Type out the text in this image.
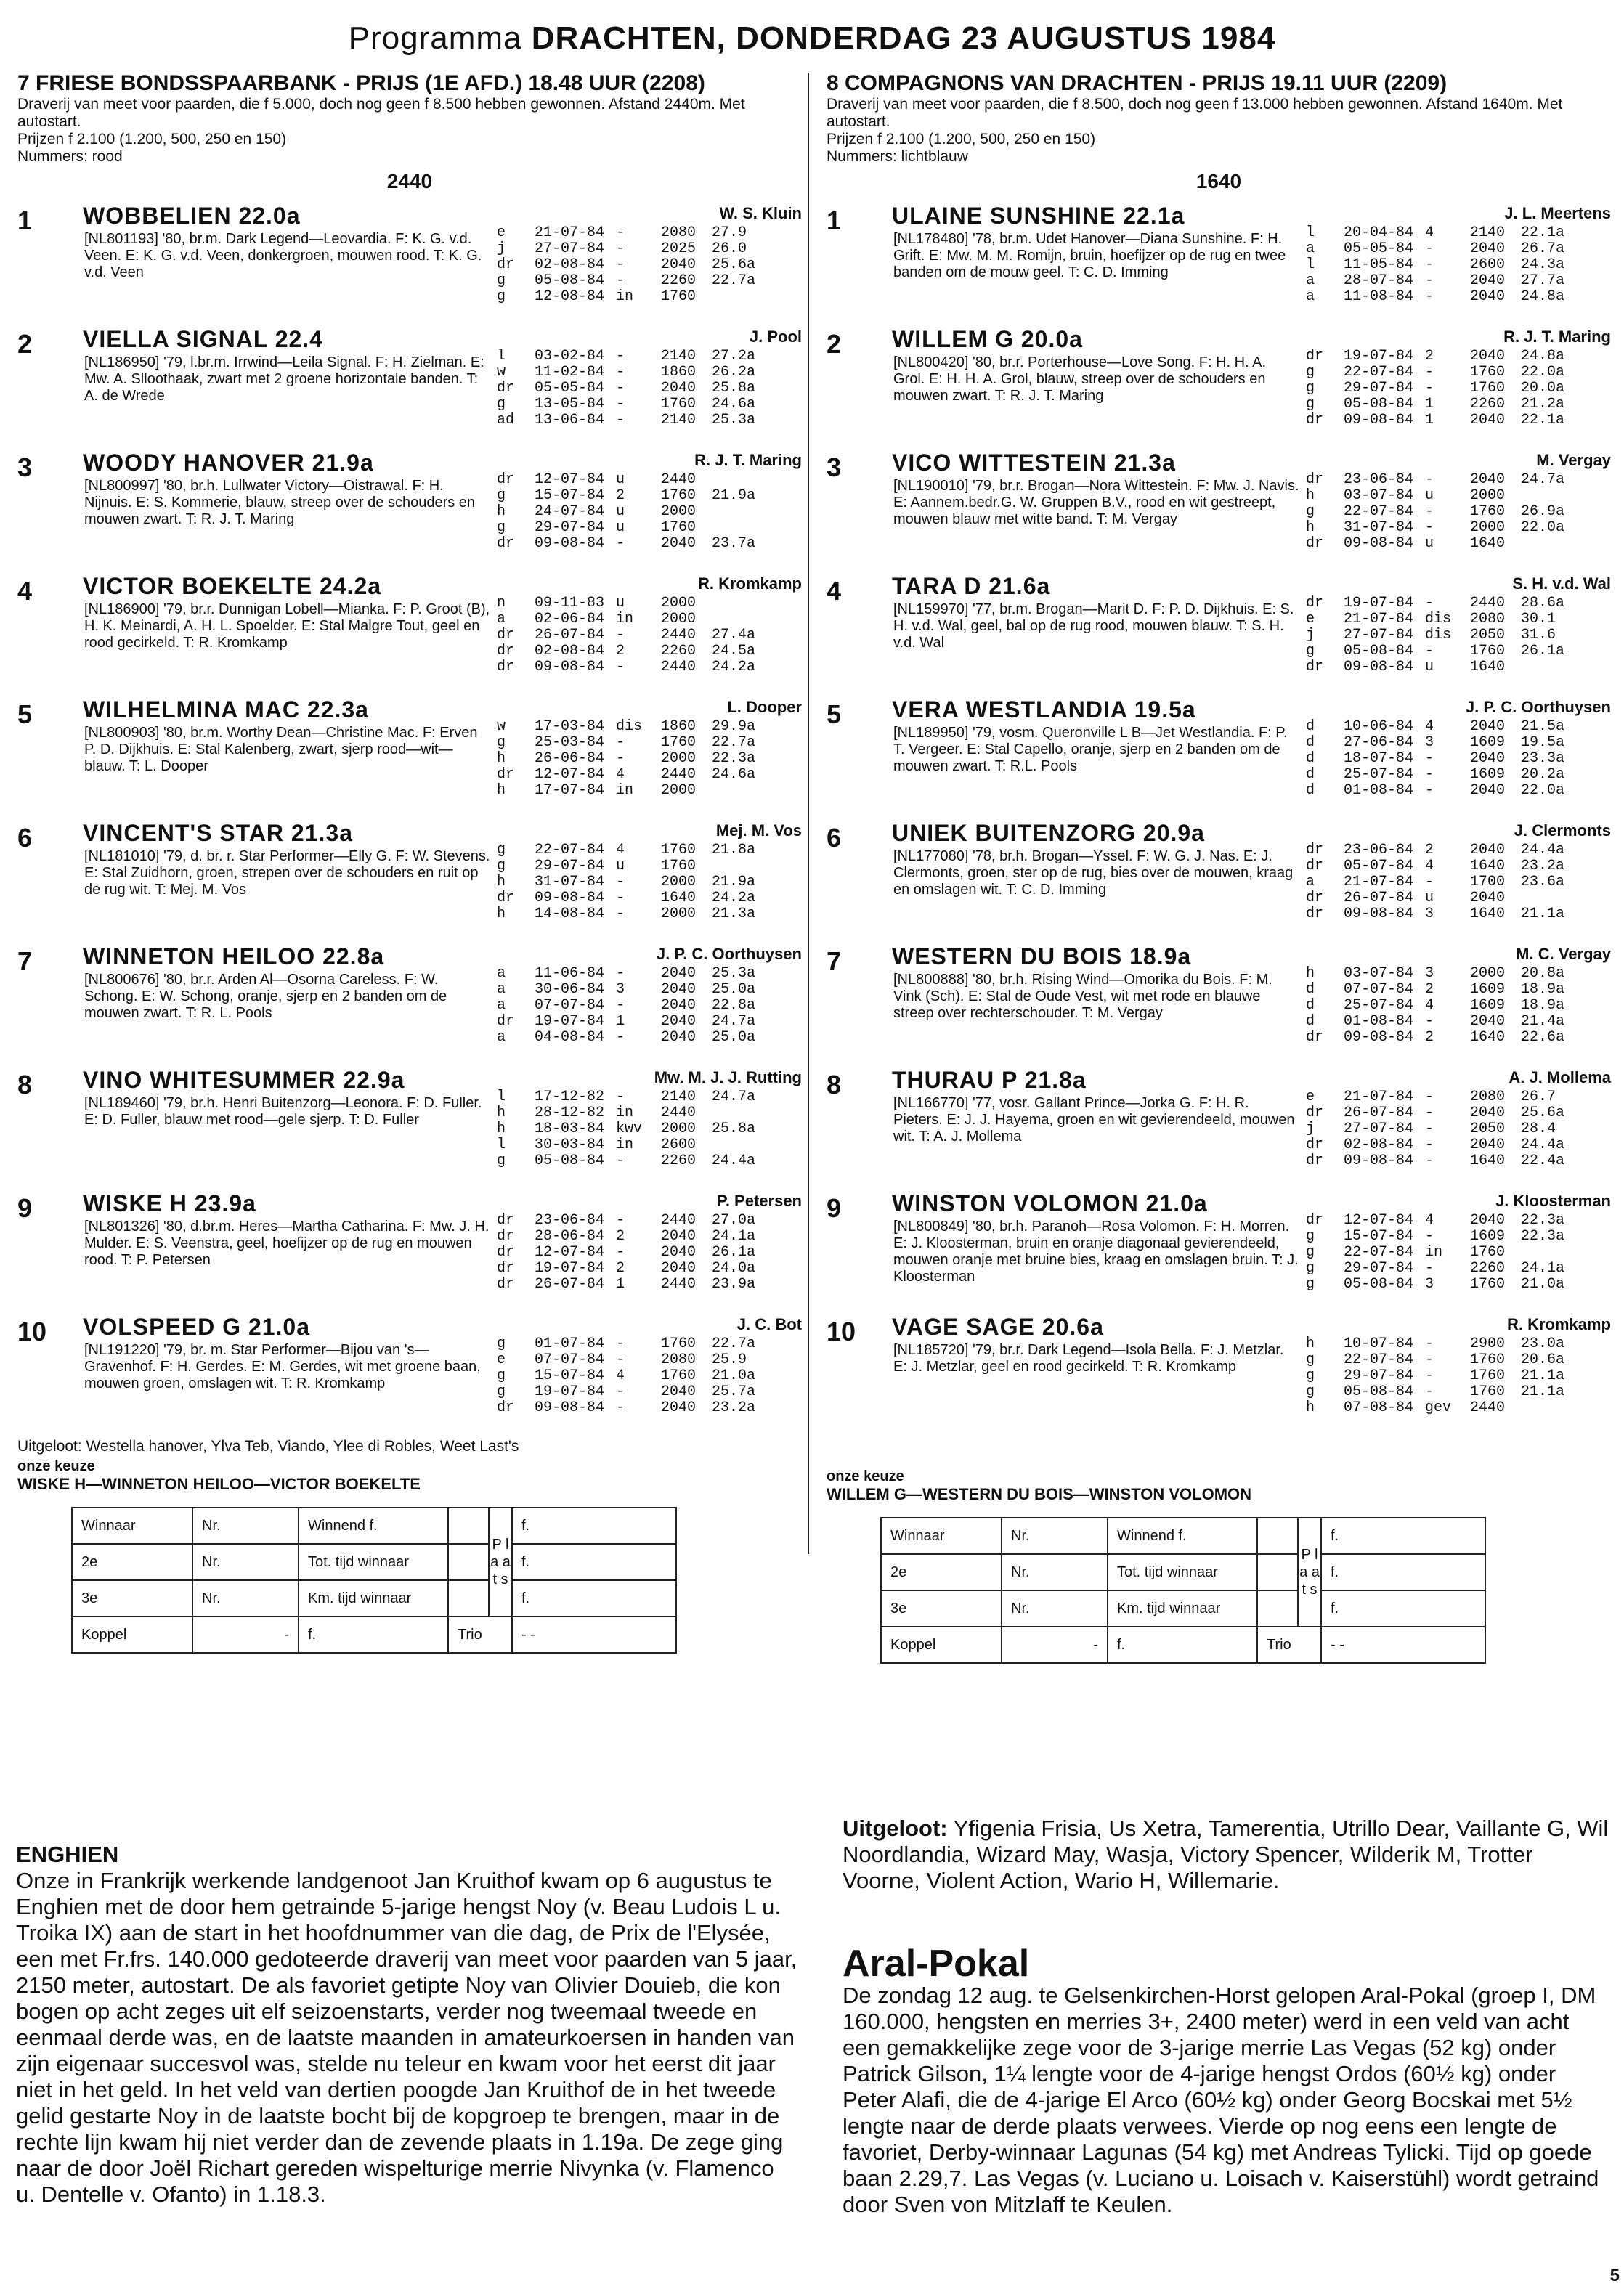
Programma DRACHTEN, DONDERDAG 23 AUGUSTUS 1984

7 FRIESE BONDSSPAARBANK - PRIJS (1E AFD.) 18.48 UUR (2208)

Draverij van meet voor paarden, die f 5.000, doch nog geen f 8.500 hebben gewonnen. Afstand 2440m. Met autostart.

Prijzen f 2.100 (1.200, 500, 250 en 150)

Nummers: rood

2440
1 WOBBELIEN 22.0a	W. S. Kluin
[NL801193] '80, br.m. Dark Legend—Leovardia. F: K. G. v.d. Veen. E: K. G. v.d. Veen, donkergroen, mouwen rood. T: K. G. v.d. Veen
e	21-07-84 -	2080	27.9
j	27-07-84 -	2025	26.0
dr	02-08-84 -	2040	25.6a
g	05-08-84 -	2260	22.7a
g	12-08-84 in	1760
2 VIELLA SIGNAL 22.4	J. Pool
[NL186950] '79, l.br.m. Irrwind—Leila Signal. F: H. Zielman. E: Mw. A. Slloothaak, zwart met 2 groene horizontale banden. T: A. de Wrede
l	03-02-84 -	2140	27.2a
w	11-02-84 -	1860	26.2a
dr	05-05-84 -	2040	25.8a
g	13-05-84 -	1760	24.6a
ad	13-06-84 -	2140	25.3a
3 WOODY HANOVER 21.9a	R. J. T. Maring
[NL800997] '80, br.h. Lullwater Victory—Oistrawal. F: H. Nijnuis. E: S. Kommerie, blauw, streep over de schouders en mouwen zwart. T: R. J. T. Maring
dr	12-07-84 u	2440
g	15-07-84 2	1760	21.9a
h	24-07-84 u	2000
g	29-07-84 u	1760
dr	09-08-84 -	2040	23.7a
4 VICTOR BOEKELTE 24.2a	R. Kromkamp
[NL186900] '79, br.r. Dunnigan Lobell—Mianka. F: P. Groot (B), H. K. Meinardi, A. H. L. Spoelder. E: Stal Malgre Tout, geel en rood gecirkeld. T: R. Kromkamp
n	09-11-83 u	2000
a	02-06-84 in	2000
dr	26-07-84 -	2440	27.4a
dr	02-08-84 2	2260	24.5a
dr	09-08-84 -	2440	24.2a
5 WILHELMINA MAC 22.3a	L. Dooper
[NL800903] '80, br.m. Worthy Dean—Christine Mac. F: Erven P. D. Dijkhuis. E: Stal Kalenberg, zwart, sjerp rood—wit—blauw. T: L. Dooper
w	17-03-84 dis	1860	29.9a
g	25-03-84 -	1760	22.7a
h	26-06-84 -	2000	22.3a
dr	12-07-84 4	2440	24.6a
h	17-07-84 in	2000
6 VINCENT'S STAR 21.3a	Mej. M. Vos
[NL181010] '79, d. br. r. Star Performer—Elly G. F: W. Stevens. E: Stal Zuidhorn, groen, strepen over de schouders en ruit op de rug wit. T: Mej. M. Vos
g	22-07-84 4	1760	21.8a
g	29-07-84 u	1760
h	31-07-84 -	2000	21.9a
dr	09-08-84 -	1640	24.2a
h	14-08-84 -	2000	21.3a
7 WINNETON HEILOO 22.8a	J. P. C. Oorthuysen
[NL800676] '80, br.r. Arden Al—Osorna Careless. F: W. Schong. E: W. Schong, oranje, sjerp en 2 banden om de mouwen zwart. T: R. L. Pools
a	11-06-84 -	2040	25.3a
a	30-06-84 3	2040	25.0a
a	07-07-84 -	2040	22.8a
dr	19-07-84 1	2040	24.7a
a	04-08-84 -	2040	25.0a
8 VINO WHITESUMMER 22.9a	Mw. M. J. J. Rutting
[NL189460] '79, br.h. Henri Buitenzorg—Leonora. F: D. Fuller. E: D. Fuller, blauw met rood—gele sjerp. T: D. Fuller
l	17-12-82 -	2140	24.7a
h	28-12-82 in	2440
h	18-03-84 kwv	2000	25.8a
l	30-03-84 in	2600
g	05-08-84 -	2260	24.4a
9 WISKE H 23.9a	P. Petersen
[NL801326] '80, d.br.m. Heres—Martha Catharina. F: Mw. J. H. Mulder. E: S. Veenstra, geel, hoefijzer op de rug en mouwen rood. T: P. Petersen
dr	23-06-84 -	2440	27.0a
dr	28-06-84 2	2040	24.1a
dr	12-07-84 -	2040	26.1a
dr	19-07-84 2	2040	24.0a
dr	26-07-84 1	2440	23.9a
10 VOLSPEED G 21.0a	J. C. Bot
[NL191220] '79, br. m. Star Performer—Bijou van 's—Gravenhof. F: H. Gerdes. E: M. Gerdes, wit met groene baan, mouwen groen, omslagen wit. T: R. Kromkamp
g	01-07-84 -	1760	22.7a
e	07-07-84 -	2080	25.9
g	15-07-84 4	1760	21.0a
g	19-07-84 -	2040	25.7a
dr	09-08-84 -	2040	23.2a
Uitgeloot: Westella hanover, Ylva Teb, Viando, Ylee di Robles, Weet Last's
onze keuze
WISKE H—WINNETON HEILOO—VICTOR BOEKELTE
Winnaar	Nr.	Winnend f.		P l a a t s	f.
2e	Nr.	Tot. tijd winnaar			f.
3e	Nr.	Km. tijd winnaar			f.
Koppel	-	f.	Trio		- -

8 COMPAGNONS VAN DRACHTEN - PRIJS 19.11 UUR (2209)

Draverij van meet voor paarden, die f 8.500, doch nog geen f 13.000 hebben gewonnen. Afstand 1640m. Met autostart.

Prijzen f 2.100 (1.200, 500, 250 en 150)

Nummers: lichtblauw

1640
1 ULAINE SUNSHINE 22.1a	J. L. Meertens
[NL178480] '78, br.m. Udet Hanover—Diana Sunshine. F: H. Grift. E: Mw. M. M. Romijn, bruin, hoefijzer op de rug en twee banden om de mouw geel. T: C. D. Imming
l	20-04-84 4	2140	22.1a
a	05-05-84 -	2040	26.7a
l	11-05-84 -	2600	24.3a
a	28-07-84 -	2040	27.7a
a	11-08-84 -	2040	24.8a
2 WILLEM G 20.0a	R. J. T. Maring
[NL800420] '80, br.r. Porterhouse—Love Song. F: H. H. A. Grol. E: H. H. A. Grol, blauw, streep over de schouders en mouwen zwart. T: R. J. T. Maring
dr	19-07-84 2	2040	24.8a
g	22-07-84 -	1760	22.0a
g	29-07-84 -	1760	20.0a
g	05-08-84 1	2260	21.2a
dr	09-08-84 1	2040	22.1a
3 VICO WITTESTEIN 21.3a	M. Vergay
[NL190010] '79, br.r. Brogan—Nora Wittestein. F: Mw. J. Navis. E: Aannem.bedr.G. W. Gruppen B.V., rood en wit gestreept, mouwen blauw met witte band. T: M. Vergay
dr	23-06-84 -	2040	24.7a
h	03-07-84 u	2000
g	22-07-84 -	1760	26.9a
h	31-07-84 -	2000	22.0a
dr	09-08-84 u	1640
4 TARA D 21.6a	S. H. v.d. Wal
[NL159970] '77, br.m. Brogan—Marit D. F: P. D. Dijkhuis. E: S. H. v.d. Wal, geel, bal op de rug rood, mouwen blauw. T: S. H. v.d. Wal
dr	19-07-84 -	2440	28.6a
e	21-07-84 dis	2080	30.1
j	27-07-84 dis	2050	31.6
g	05-08-84 -	1760	26.1a
dr	09-08-84 u	1640
5 VERA WESTLANDIA 19.5a	J. P. C. Oorthuysen
[NL189950] '79, vosm. Queronville L B—Jet Westlandia. F: P. T. Vergeer. E: Stal Capello, oranje, sjerp en 2 banden om de mouwen zwart. T: R.L. Pools
d	10-06-84 4	2040	21.5a
d	27-06-84 3	1609	19.5a
d	18-07-84 -	2040	23.3a
d	25-07-84 -	1609	20.2a
d	01-08-84 -	2040	22.0a
6 UNIEK BUITENZORG 20.9a	J. Clermonts
[NL177080] '78, br.h. Brogan—Yssel. F: W. G. J. Nas. E: J. Clermonts, groen, ster op de rug, bies over de mouwen, kraag en omslagen wit. T: C. D. Imming
dr	23-06-84 2	2040	24.4a
dr	05-07-84 4	1640	23.2a
a	21-07-84 -	1700	23.6a
dr	26-07-84 u	2040
dr	09-08-84 3	1640	21.1a
7 WESTERN DU BOIS 18.9a	M. C. Vergay
[NL800888] '80, br.h. Rising Wind—Omorika du Bois. F: M. Vink (Sch). E: Stal de Oude Vest, wit met rode en blauwe streep over rechterschouder. T: M. Vergay
h	03-07-84 3	2000	20.8a
d	07-07-84 2	1609	18.9a
d	25-07-84 4	1609	18.9a
d	01-08-84 -	2040	21.4a
dr	09-08-84 2	1640	22.6a
8 THURAU P 21.8a	A. J. Mollema
[NL166770] '77, vosr. Gallant Prince—Jorka G. F: H. R. Pieters. E: J. J. Hayema, groen en wit gevierendeeld, mouwen wit. T: A. J. Mollema
e	21-07-84 -	2080	26.7
dr	26-07-84 -	2040	25.6a
j	27-07-84 -	2050	28.4
dr	02-08-84 -	2040	24.4a
dr	09-08-84 -	1640	22.4a
9 WINSTON VOLOMON 21.0a	J. Kloosterman
[NL800849] '80, br.h. Paranoh—Rosa Volomon. F: H. Morren. E: J. Kloosterman, bruin en oranje diagonaal gevierendeeld, mouwen oranje met bruine bies, kraag en omslagen bruin. T: J. Kloosterman
dr	12-07-84 4	2040	22.3a
g	15-07-84 -	1609	22.3a
g	22-07-84 in	1760
g	29-07-84 -	2260	24.1a
g	05-08-84 3	1760	21.0a
10 VAGE SAGE 20.6a	R. Kromkamp
[NL185720] '79, br.r. Dark Legend—Isola Bella. F: J. Metzlar. E: J. Metzlar, geel en rood gecirkeld. T: R. Kromkamp
h	10-07-84 -	2900	23.0a
g	22-07-84 -	1760	20.6a
g	29-07-84 -	1760	21.1a
g	05-08-84 -	1760	21.1a
h	07-08-84 gev	2440
onze keuze
WILLEM G—WESTERN DU BOIS—WINSTON VOLOMON
Winnaar	Nr.	Winnend f.		P l a a t s	f.
2e	Nr.	Tot. tijd winnaar			f.
3e	Nr.	Km. tijd winnaar			f.
Koppel	-	f.	Trio		- -
ENGHIEN
Onze in Frankrijk werkende landgenoot Jan Kruithof kwam op 6 augustus te Enghien met de door hem getrainde 5-jarige hengst Noy (v. Beau Ludois L u. Troika IX) aan de start in het hoofdnummer van die dag, de Prix de l'Elysée, een met Fr.frs. 140.000 gedoteerde draverij van meet voor paarden van 5 jaar, 2150 meter, autostart. De als favoriet getipte Noy van Olivier Douieb, die kon bogen op acht zeges uit elf seizoenstarts, verder nog tweemaal tweede en eenmaal derde was, en de laatste maanden in amateurkoersen in handen van zijn eigenaar succesvol was, stelde nu teleur en kwam voor het eerst dit jaar niet in het geld. In het veld van dertien poogde Jan Kruithof de in het tweede gelid gestarte Noy in de laatste bocht bij de kopgroep te brengen, maar in de rechte lijn kwam hij niet verder dan de zevende plaats in 1.19a. De zege ging naar de door Joël Richart gereden wispelturige merrie Nivynka (v. Flamenco u. Dentelle v. Ofanto) in 1.18.3.
Uitgeloot: Yfigenia Frisia, Us Xetra, Tamerentia, Utrillo Dear, Vaillante G, Wil Noordlandia, Wizard May, Wasja, Victory Spencer, Wilderik M, Trotter Voorne, Violent Action, Wario H, Willemarie.
Aral-Pokal
De zondag 12 aug. te Gelsenkirchen-Horst gelopen Aral-Pokal (groep I, DM 160.000, hengsten en merries 3+, 2400 meter) werd in een veld van acht een gemakkelijke zege voor de 3-jarige merrie Las Vegas (52 kg) onder Patrick Gilson, 1¼ lengte voor de 4-jarige hengst Ordos (60½ kg) onder Peter Alafi, die de 4-jarige El Arco (60½ kg) onder Georg Bocskai met 5½ lengte naar de derde plaats verwees. Vierde op nog eens een lengte de favoriet, Derby-winnaar Lagunas (54 kg) met Andreas Tylicki. Tijd op goede baan 2.29,7. Las Vegas (v. Luciano u. Loisach v. Kaiserstühl) wordt getraind door Sven von Mitzlaff te Keulen.
5
